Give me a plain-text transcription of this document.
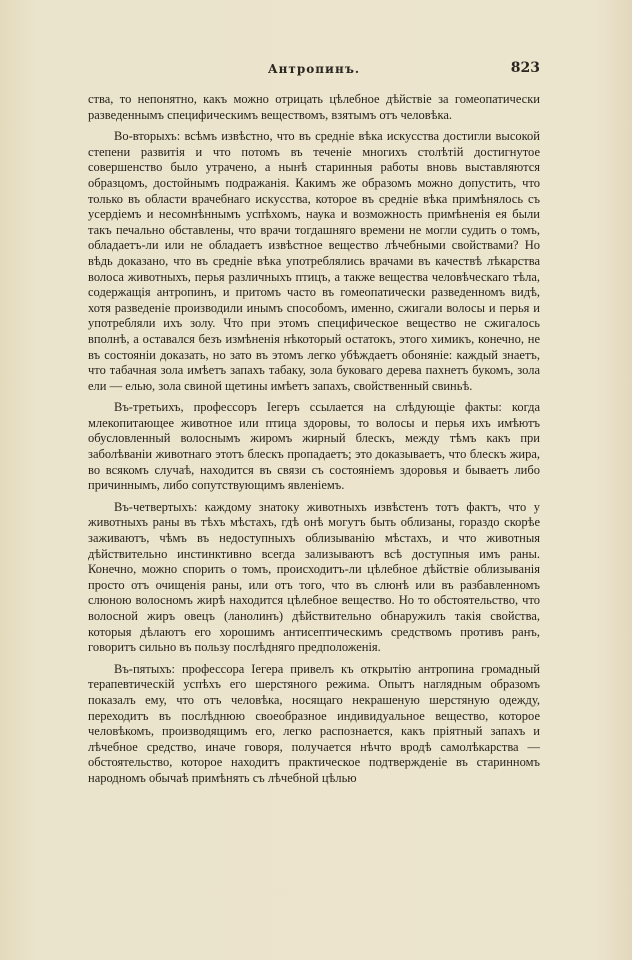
Антропинъ.	823

ства, то непонятно, какъ можно отрицать цѣлебное дѣйствіе за гомеопатически разведеннымъ специфическимъ веществомъ, взятымъ отъ человѣка.

Во-вторыхъ: всѣмъ извѣстно, что въ средніе вѣка искусства достигли высокой степени развитія и что потомъ въ теченіе многихъ столѣтій достигнутое совершенство было утрачено, а нынѣ старинныя работы вновь выставляются образцомъ, достойнымъ подражанія. Какимъ же образомъ можно допустить, что только въ области врачебнаго искусства, которое въ средніе вѣка примѣнялось съ усердіемъ и несомнѣннымъ успѣхомъ, наука и возможность примѣненія ея были такъ печально обставлены, что врачи тогдашняго времени не могли судить о томъ, обладаетъ-ли или не обладаетъ извѣстное вещество лѣчебными свойствами? Но вѣдь доказано, что въ средніе вѣка употреблялись врачами въ качествѣ лѣкарства волоса животныхъ, перья различныхъ птицъ, а также вещества человѣческаго тѣла, содержащія антропинъ, и притомъ часто въ гомеопатически разведенномъ видѣ, хотя разведеніе производили инымъ способомъ, именно, сжигали волосы и перья и употребляли ихъ золу. Что при этомъ специфическое вещество не сжигалось вполнѣ, а оставался безъ измѣненія нѣкоторый остатокъ, этого химикъ, конечно, не въ состояніи доказать, но зато въ этомъ легко убѣждаетъ обоняніе: каждый знаетъ, что табачная зола имѣетъ запахъ табаку, зола буковаго дерева пахнетъ букомъ, зола ели — елью, зола свиной щетины имѣетъ запахъ, свойственный свиньѣ.

Въ-третьихъ, профессоръ Іегеръ ссылается на слѣдующіе факты: когда млекопитающее животное или птица здоровы, то волосы и перья ихъ имѣютъ обусловленный волоснымъ жиромъ жирный блескъ, между тѣмъ какъ при заболѣваніи животнаго этотъ блескъ пропадаетъ; это доказываетъ, что блескъ жира, во всякомъ случаѣ, находится въ связи съ состояніемъ здоровья и бываетъ либо причиннымъ, либо сопутствующимъ явленіемъ.

Въ-четвертыхъ: каждому знатоку животныхъ извѣстенъ тотъ фактъ, что у животныхъ раны въ тѣхъ мѣстахъ, гдѣ онѣ могутъ быть облизаны, гораздо скорѣе заживаютъ, чѣмъ въ недоступныхъ облизыванію мѣстахъ, и что животныя дѣйствительно инстинктивно всегда зализываютъ всѣ доступныя имъ раны. Конечно, можно спорить о томъ, происходитъ-ли цѣлебное дѣйствіе облизыванія просто отъ очищенія раны, или отъ того, что въ слюнѣ или въ разбавленномъ слюною волосномъ жирѣ находится цѣлебное вещество. Но то обстоятельство, что волосной жиръ овецъ (ланолинъ) дѣйствительно обнаружилъ такія свойства, которыя дѣлаютъ его хорошимъ антисептическимъ средствомъ противъ ранъ, говоритъ сильно въ пользу послѣдняго предположенія.

Въ-пятыхъ: профессора Іегера привелъ къ открытію антропина громадный терапевтическій успѣхъ его шерстяного режима. Опытъ наглядным образомъ показалъ ему, что отъ человѣка, носящаго некрашеную шерстяную одежду, переходитъ въ послѣднюю своеобразное индивидуальное вещество, которое человѣкомъ, производящимъ его, легко распознается, какъ пріятный запахъ и лѣчебное средство, иначе говоря, получается нѣчто вродѣ самолѣкарства — обстоятельство, которое находитъ практическое подтвержденіе въ старинномъ народномъ обычаѣ примѣнять съ лѣчебной цѣлью
